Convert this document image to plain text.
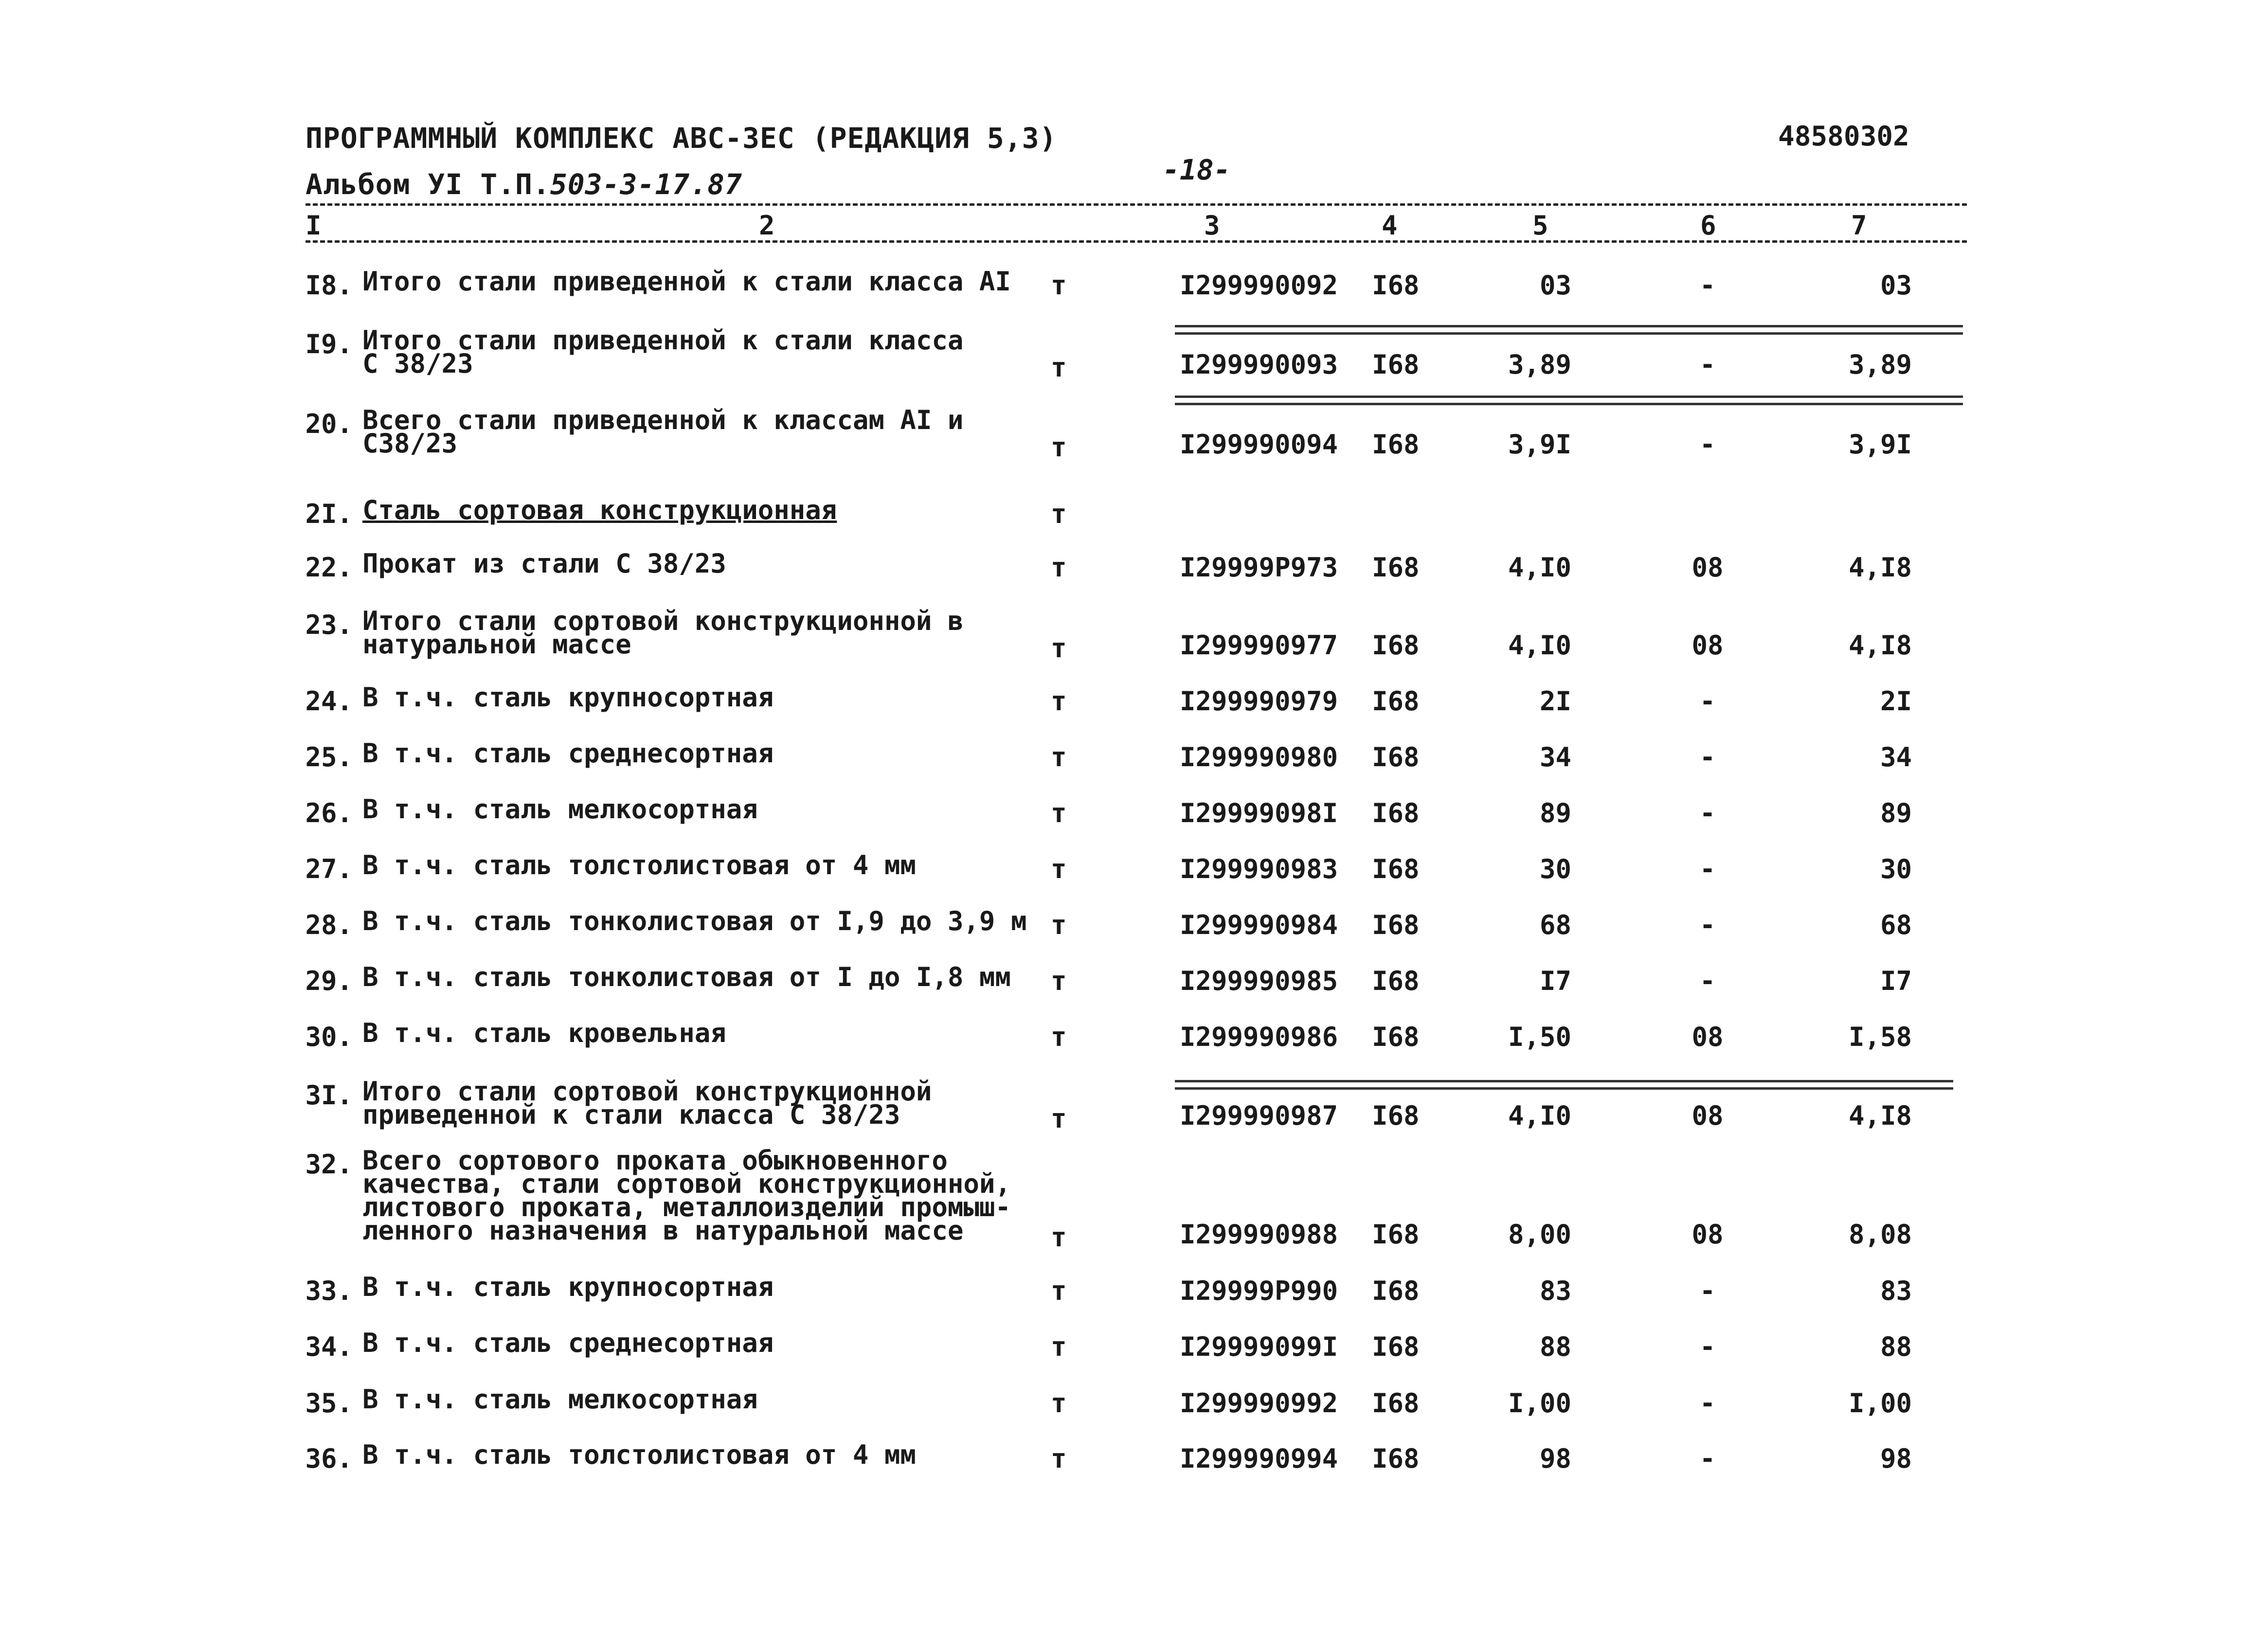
ПРОГРАММНЫЙ КОМПЛЕКС АВС-ЗЕС (РЕДАКЦИЯ 5,3)	48580302
Альбом УI Т.П.503-3-17.87	-18-
I	2	3	4	5	6	7
I8. Итого стали приведенной к стали класса АI т	I299990092 I68	03	-	03
I9. Итого стали приведенной к стали класса
С 38/23	т	I299990093 I68	3,89	-	3,89
20. Всего стали приведенной к классам АI и
С38/23	т	I299990094 I68	3,9I	-	3,9I
2I. Сталь сортовая конструкционная	т
22. Прокат из стали С 38/23	т	I29999P973 I68	4,I0	08	4,I8
23. Итого стали сортовой конструкционной в
натуральной массе	т	I299990977 I68	4,I0	08	4,I8
24. В т.ч. сталь крупносортная	т	I299990979 I68	2I	-	2I
25. В т.ч. сталь среднесортная	т	I299990980 I68	34	-	34
26. В т.ч. сталь мелкосортная	т	I29999098I I68	89	-	89
27. В т.ч. сталь толстолистовая от 4 мм	т	I299990983 I68	30	-	30
28. В т.ч. сталь тонколистовая от I,9 до 3,9 м т	I299990984 I68	68	-	68
29. В т.ч. сталь тонколистовая от I до I,8 мм т	I299990985 I68	I7	-	I7
30. В т.ч. сталь кровельная	т	I299990986 I68	I,50	08	I,58
3I. Итого стали сортовой конструкционной
приведенной к стали класса С 38/23	т	I299990987 I68	4,I0	08	4,I8
32. Всего сортового проката обыкновенного
качества, стали сортовой конструкционной,
листового проката, металлоизделий промыш-
ленного назначения в натуральной массе	т	I299990988 I68	8,00	08	8,08
33. В т.ч. сталь крупносортная	т	I29999P990 I68	83	-	83
34. В т.ч. сталь среднесортная	т	I29999099I I68	88	-	88
35. В т.ч. сталь мелкосортная	т	I299990992 I68	I,00	-	I,00
36. В т.ч. сталь толстолистовая от 4 мм	т	I299990994 I68	98	-	98
